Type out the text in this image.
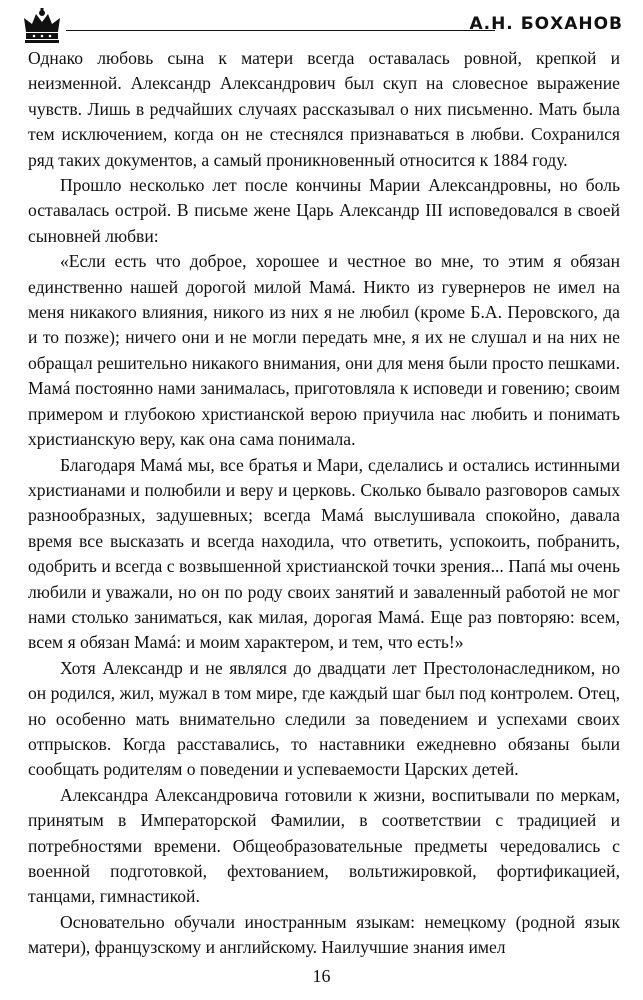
А.Н. БОХАНОВ

Однако любовь сына к матери всегда оставалась ровной, крепкой и неизменной. Александр Александрович был скуп на словесное выражение чувств. Лишь в редчайших случаях рассказывал о них письменно. Мать была тем исключением, когда он не стеснялся признаваться в любви. Сохранился ряд таких документов, а самый проникновенный относится к 1884 году.

Прошло несколько лет после кончины Марии Александровны, но боль оставалась острой. В письме жене Царь Александр III исповедовался в своей сыновней любви:

«Если есть что доброе, хорошее и честное во мне, то этим я обязан единственно нашей дорогой милой Мамá. Никто из гувернеров не имел на меня никакого влияния, никого из них я не любил (кроме Б.А. Перовского, да и то позже); ничего они и не могли передать мне, я их не слушал и на них не обращал решительно никакого внимания, они для меня были просто пешками. Мамá постоянно нами занималась, приготовляла к исповеди и говению; своим примером и глубокою христианской верою приучила нас любить и понимать христианскую веру, как она сама понимала.

Благодаря Мамá мы, все братья и Мари, сделались и остались истинными христианами и полюбили и веру и церковь. Сколько бывало разговоров самых разнообразных, задушевных; всегда Мамá выслушивала спокойно, давала время все высказать и всегда находила, что ответить, успокоить, побранить, одобрить и всегда с возвышенной христианской точки зрения... Папá мы очень любили и уважали, но он по роду своих занятий и заваленный работой не мог нами столько заниматься, как милая, дорогая Мамá. Еще раз повторяю: всем, всем я обязан Мамá: и моим характером, и тем, что есть!»

Хотя Александр и не являлся до двадцати лет Престолонаследником, но он родился, жил, мужал в том мире, где каждый шаг был под контролем. Отец, но особенно мать внимательно следили за поведением и успехами своих отпрысков. Когда расставались, то наставники ежедневно обязаны были сообщать родителям о поведении и успеваемости Царских детей.

Александра Александровича готовили к жизни, воспитывали по меркам, принятым в Императорской Фамилии, в соответствии с традицией и потребностями времени. Общеобразовательные предметы чередовались с военной подготовкой, фехтованием, вольтижировкой, фортификацией, танцами, гимнастикой.

Основательно обучали иностранным языкам: немецкому (родной язык матери), французскому и английскому. Наилучшие знания имел

16
